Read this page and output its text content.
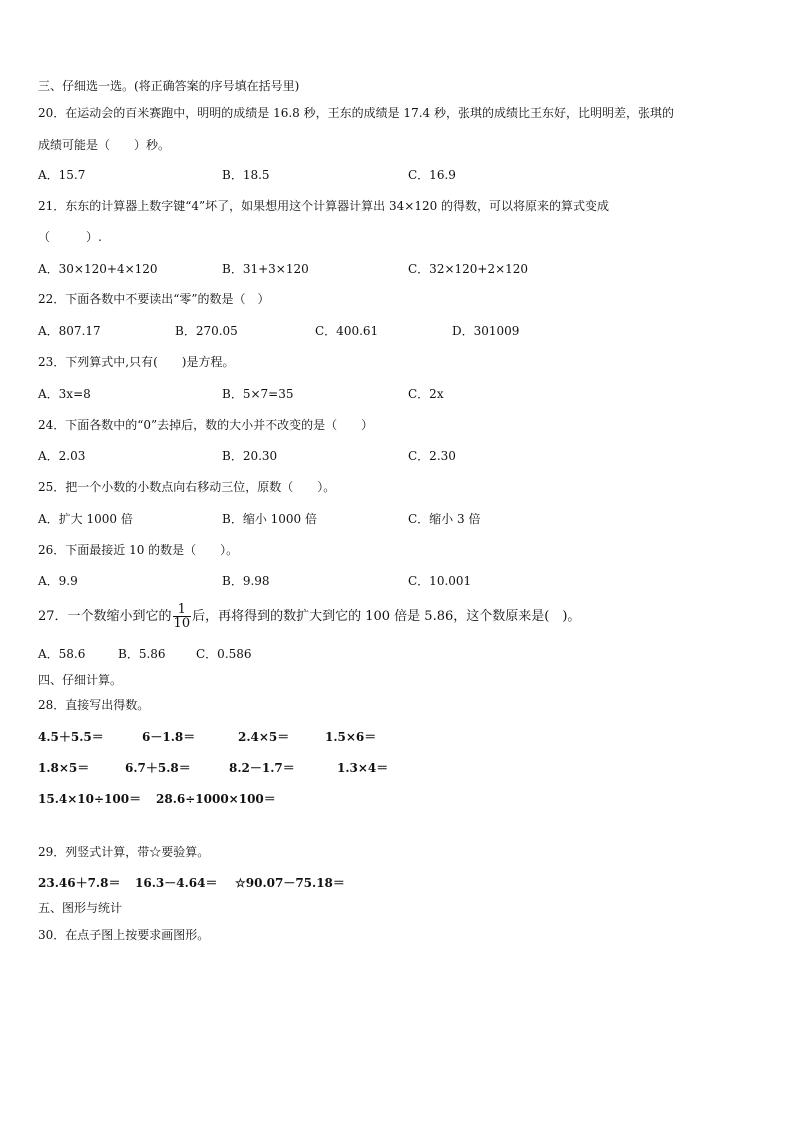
三、仔细选一选。(将正确答案的序号填在括号里)
20．在运动会的百米赛跑中，明明的成绩是 16.8 秒，王东的成绩是 17.4 秒，张琪的成绩比王东好，比明明差，张琪的
成绩可能是（　　）秒。
A．15.7	B．18.5	C．16.9
21．东东的计算器上数字键“4”坏了，如果想用这个计算器计算出 34×120 的得数，可以将原来的算式变成
（　　　）.
A．30×120+4×120	B．31+3×120	C．32×120+2×120
22．下面各数中不要读出“零”的数是（　）
A．807.17	B．270.05	C．400.61	D．301009
23．下列算式中,只有(　　)是方程。
A．3x=8	B．5×7=35	C．2x
24．下面各数中的“0”去掉后，数的大小并不改变的是（　　）
A．2.03	B．20.30	C．2.30
25．把一个小数的小数点向右移动三位，原数（　　）。
A．扩大 1000 倍	B．缩小 1000 倍	C．缩小 3 倍
26．下面最接近 10 的数是（　　）。
A．9.9	B．9.98	C．10.001
27．一个数缩小到它的 $\frac{1}{10}$ 后，再将得到的数扩大到它的 100 倍是 5.86，这个数原来是(　)。
A．58.6	B．5.86	C．0.586
四、仔细计算。
28．直接写出得数。
4.5＋5.5＝	6－1.8＝	2.4×5＝	1.5×6＝
1.8×5＝	6.7＋5.8＝	8.2－1.7＝	1.3×4＝
15.4×10÷100＝ 28.6÷1000×100＝
29．列竖式计算，带☆要验算。
23.46＋7.8＝ 16.3－4.64＝ ☆90.07－75.18＝
五、图形与统计
30．在点子图上按要求画图形。
